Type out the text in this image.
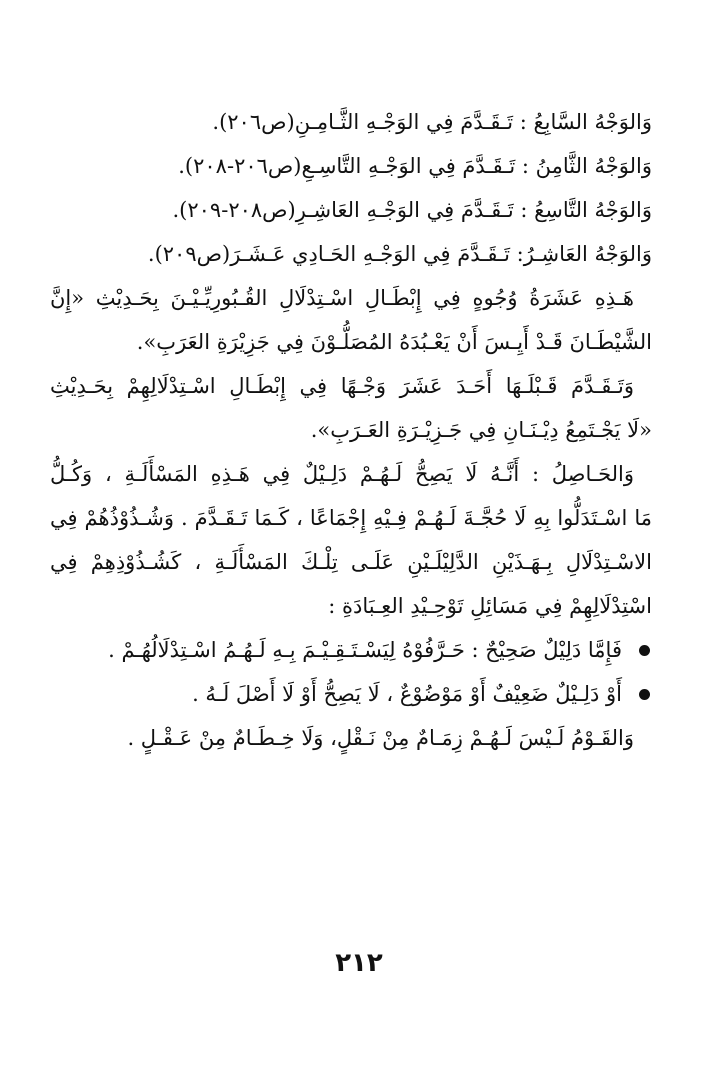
وَالوَجْهُ السَّابِعُ : تَـقَـدَّمَ فِي الوَجْـهِ الثَّـامِـنِ(ص٢٠٦).
وَالوَجْهُ الثَّامِنُ : تَـقَـدَّمَ فِي الوَجْـهِ التَّاسِـعِ(ص٢٠٦-٢٠٨).
وَالوَجْهُ التَّاسِعُ : تَـقَـدَّمَ فِي الوَجْـهِ العَاشِـرِ(ص٢٠٨-٢٠٩).
وَالوَجْهُ العَاشِـرُ: تَـقَـدَّمَ فِي الوَجْـهِ الحَـادِي عَـشَـرَ(ص٢٠٩).
هَـذِهِ عَشَرَةُ وُجُوهٍ فِي إِبْطَـالِ اسْـتِدْلَالِ القُـبُورِيِّـيْـنَ بِحَـدِيْثِ «إِنَّ
الشَّيْطَـانَ قَـدْ أَيِـسَ أَنْ يَعْـبُدَهُ المُصَلُّـوْنَ فِي جَزِيْرَةِ العَرَبِ».
وَتَـقَـدَّمَ قَـبْلَـهَا أَحَـدَ عَشَرَ وَجْـهًا فِي إِبْطَـالِ اسْـتِدْلَالِهِمْ بِحَـدِيْثِ
«لَا يَجْـتَمِعُ دِيْـنَـانِ فِي جَـزِيْـرَةِ العَـرَبِ».
وَالحَـاصِلُ : أَنَّـهُ لَا يَصِحُّ لَـهُـمْ دَلِـيْلٌ فِي هَـذِهِ المَسْأَلَـةِ ، وَكُـلُّ
مَا اسْـتَدَلُّوا بِهِ لَا حُجَّـةَ لَـهُـمْ فِـيْهِ إِجْمَاعًا ، كَـمَا تَـقَـدَّمَ . وَشُـذُوْذُهُمْ فِي
الاسْـتِدْلَالِ بِـهَـذَيْنِ الدَّلِيْلَـيْنِ عَلَـى تِلْـكَ المَسْأَلَـةِ ، كَشُـذُوْذِهِمْ فِي
اسْتِدْلَالِهِمْ فِي مَسَائِلِ تَوْحِـيْدِ العِـبَادَةِ :
فَإِمَّا دَلِيْلٌ صَحِيْحٌ : حَـرَّفُوْهُ لِيَسْـتَـقِـيْـمَ بِـهِ لَـهُـمُ اسْـتِدْلَالُهُـمْ .
أَوْ دَلِـيْلٌ ضَعِيْفٌ أَوْ مَوْضُوْعٌ ، لَا يَصِحُّ أَوْ لَا أَصْلَ لَـهُ .
وَالقَـوْمُ لَـيْسَ لَـهُـمْ زِمَـامٌ مِنْ نَـقْلٍ، وَلَا خِـطَـامٌ مِنْ عَـقْـلٍ .
٢١٢
